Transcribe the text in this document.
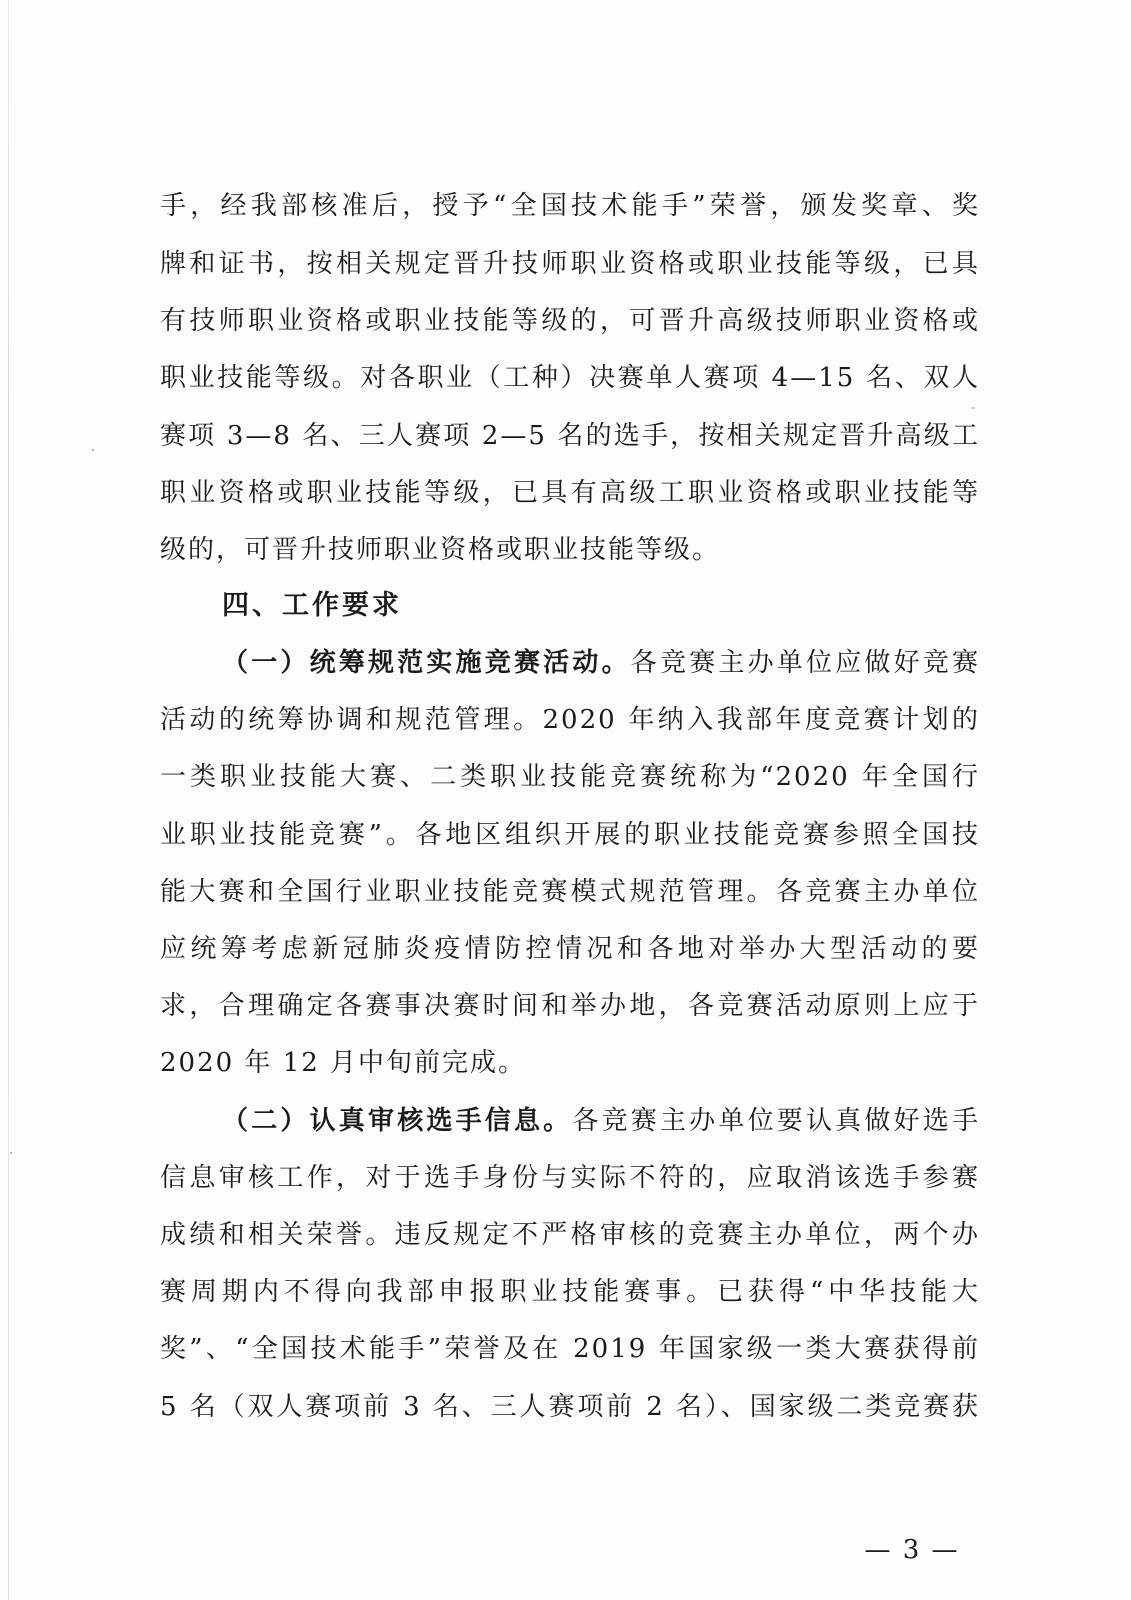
手，经我部核准后，授予“全国技术能手”荣誉，颁发奖章、奖
牌和证书，按相关规定晋升技师职业资格或职业技能等级，已具
有技师职业资格或职业技能等级的，可晋升高级技师职业资格或
职业技能等级。对各职业（工种）决赛单人赛项 4—15 名、双人
赛项 3—8 名、三人赛项 2—5 名的选手，按相关规定晋升高级工
职业资格或职业技能等级，已具有高级工职业资格或职业技能等
级的，可晋升技师职业资格或职业技能等级。
四、工作要求
（一）统筹规范实施竞赛活动。各竞赛主办单位应做好竞赛
活动的统筹协调和规范管理。2020 年纳入我部年度竞赛计划的
一类职业技能大赛、二类职业技能竞赛统称为“2020 年全国行
业职业技能竞赛”。各地区组织开展的职业技能竞赛参照全国技
能大赛和全国行业职业技能竞赛模式规范管理。各竞赛主办单位
应统筹考虑新冠肺炎疫情防控情况和各地对举办大型活动的要
求，合理确定各赛事决赛时间和举办地，各竞赛活动原则上应于
2020 年 12 月中旬前完成。
（二）认真审核选手信息。各竞赛主办单位要认真做好选手
信息审核工作，对于选手身份与实际不符的，应取消该选手参赛
成绩和相关荣誉。违反规定不严格审核的竞赛主办单位，两个办
赛周期内不得向我部申报职业技能赛事。已获得“中华技能大
奖”、“全国技术能手”荣誉及在 2019 年国家级一类大赛获得前
5 名（双人赛项前 3 名、三人赛项前 2 名）、国家级二类竞赛获
— 3 —
